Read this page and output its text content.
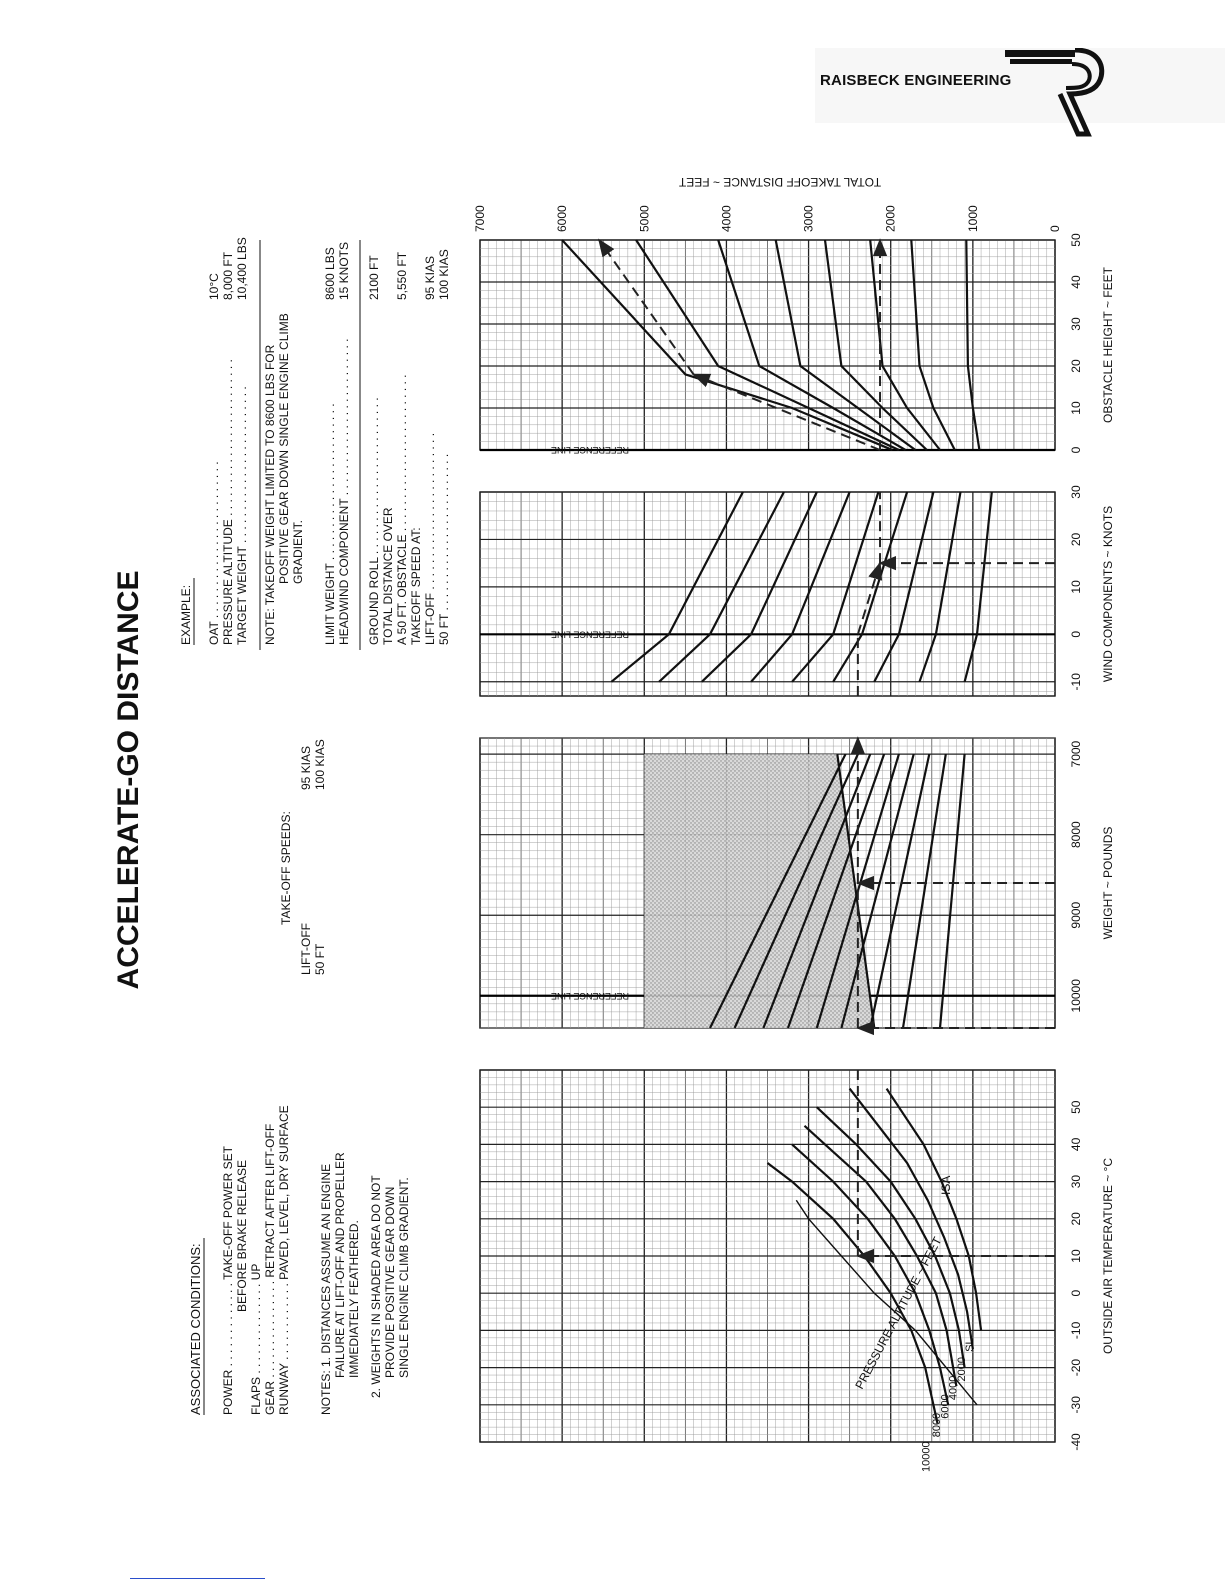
RAISBECK ENGINEERING
REFERENCE LINE
REFERENCE LINE
REFERENCE LINE
10000
8000
6000
4000
2000
SL
PRESSURE ALTITUDE ~ FEET
ISA
7000	6000	5000	4000	3000	2000	1000	0
TOTAL TAKEOFF DISTANCE ~ FEET
-40
-30
-20
-10
0
10
20
30
40
50
OUTSIDE AIR TEMPERATURE ~ °C
10000
9000
8000
7000
WEIGHT ~ POUNDS
-10
0
10
20
30
WIND COMPONENTS ~ KNOTS
0
10
20
30
40
50
OBSTACLE HEIGHT ~ FEET
ACCELERATE-GO DISTANCE
ASSOCIATED CONDITIONS: POWER . . . . . . . . . . . . . TAKE-OFF POWER SET BEFORE BRAKE RELEASE
FLAPS . . . . . . . . . . . . . . UP GEAR . . . . . . . . . . . . . . . RETRACT AFTER LIFT-OFF RUNWAY . . . . . . . . . . . . PAVED, LEVEL, DRY SURFACE NOTES: 1. DISTANCES ASSUME AN ENGINE FAILURE AT LIFT-OFF AND PROPELLER IMMEDIATELY FEATHERED. 2. WEIGHTS IN SHADED AREA DO NOT PROVIDE POSITIVE GEAR DOWN SINGLE ENGINE CLIMB GRADIENT.
TAKE-OFF SPEEDS:
LIFT-OFF
95 KIAS
50 FT
100 KIAS
EXAMPLE: OAT . . . . . . . . . . . . . . . . . . . . . . . .
10°C
PRESSURE ALTITUDE . . . . . . . . . . . . . . . . . . . . . . . .
8,000 FT
TARGET WEIGHT . . . . . . . . . . . . . . . . . . . . . . . .
10,400 LBS
NOTE: TAKEOFF WEIGHT LIMITED TO 8600 LBS FOR POSITIVE GEAR DOWN SINGLE ENGINE CLIMB GRADIENT. LIMIT WEIGHT . . . . . . . . . . . . . . . . . . . . . . . .
8600 LBS
HEADWIND COMPONENT . . . . . . . . . . . . . . . . . . . . . . . .
15 KNOTS
GROUND ROLL . . . . . . . . . . . . . . . . . . . . . . . .
2100 FT
TOTAL DISTANCE OVER A 50 FT. OBSTACLE . . . . . . . . . . . . . . . . . . . . . . . .
5,550 FT
TAKEOFF SPEED AT: LIFT-OFF . . . . . . . . . . . . . . . . . . . . . . . .
95 KIAS
50 FT . . . . . . . . . . . . . . . . . . . . . . . .
100 KIAS
